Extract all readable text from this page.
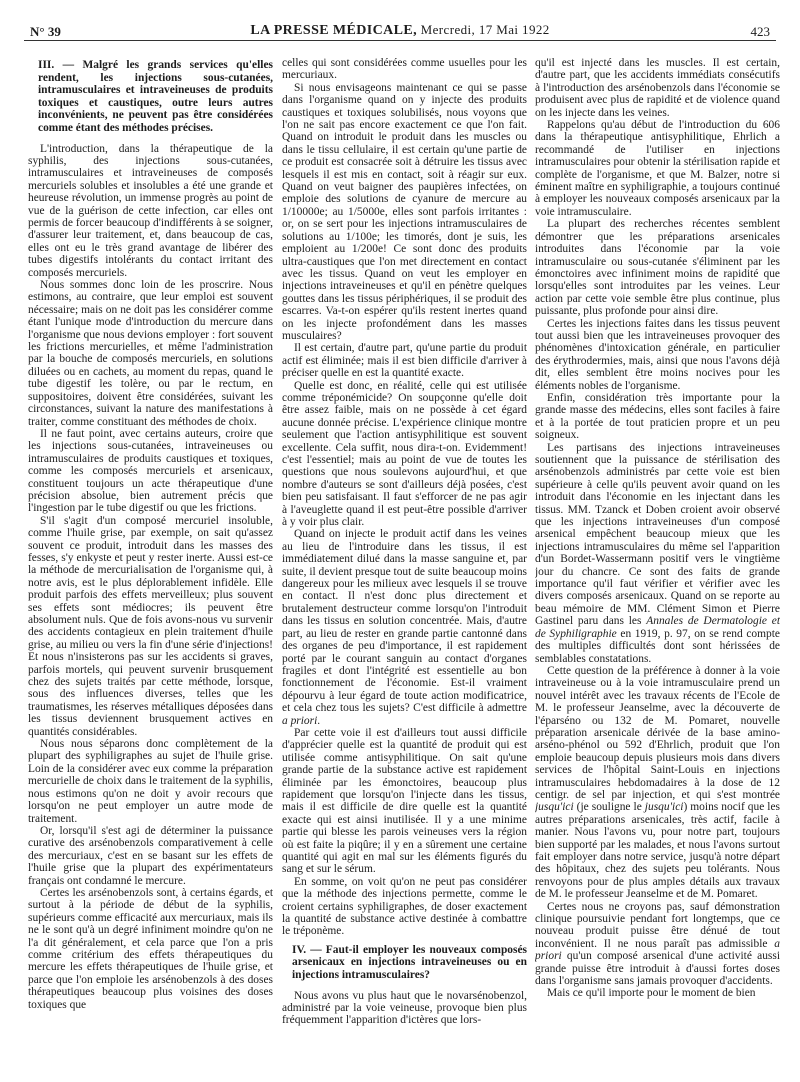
N° 39	LA PRESSE MÉDICALE, Mercredi, 17 Mai 1922	423

III. — Malgré les grands services qu'elles rendent, les injections sous-cutanées, intramusculaires et intraveineuses de produits toxiques et caustiques, outre leurs autres inconvénients, ne peuvent pas être considérées comme étant des méthodes précises.

L'introduction, dans la thérapeutique de la syphilis, des injections sous-cutanées, intramusculaires et intraveineuses de composés mercuriels solubles et insolubles a été une grande et heureuse révolution, un immense progrès au point de vue de la guérison de cette infection, car elles ont permis de forcer beaucoup d'indifférents à se soigner, d'assurer leur traitement, et, dans beaucoup de cas, elles ont eu le très grand avantage de libérer des tubes digestifs intolérants du contact irritant des composés mercuriels.

Nous sommes donc loin de les proscrire. Nous estimons, au contraire, que leur emploi est souvent nécessaire; mais on ne doit pas les considérer comme étant l'unique mode d'introduction du mercure dans l'organisme que nous devions employer : fort souvent les frictions mercurielles, et même l'administration par la bouche de composés mercuriels, en solutions diluées ou en cachets, au moment du repas, quand le tube digestif les tolère, ou par le rectum, en suppositoires, doivent être considérées, suivant les circonstances, suivant la nature des manifestations à traiter, comme constituant des méthodes de choix.

Il ne faut point, avec certains auteurs, croire que les injections sous-cutanées, intraveineuses ou intramusculaires de produits caustiques et toxiques, comme les composés mercuriels et arsenicaux, constituent toujours un acte thérapeutique d'une précision absolue, bien autrement précis que l'ingestion par le tube digestif ou que les frictions.

S'il s'agit d'un composé mercuriel insoluble, comme l'huile grise, par exemple, on sait qu'assez souvent ce produit, introduit dans les masses des fesses, s'y enkyste et peut y rester inerte. Aussi est-ce la méthode de mercurialisation de l'organisme qui, à notre avis, est le plus déplorablement infidèle. Elle produit parfois des effets merveilleux; plus souvent ses effets sont médiocres; ils peuvent être absolument nuls. Que de fois avons-nous vu survenir des accidents contagieux en plein traitement d'huile grise, au milieu ou vers la fin d'une série d'injections! Et nous n'insisterons pas sur les accidents si graves, parfois mortels, qui peuvent survenir brusquement chez des sujets traités par cette méthode, lorsque, sous des influences diverses, telles que les traumatismes, les réserves métalliques déposées dans les tissus deviennent brusquement actives en quantités considérables.

Nous nous séparons donc complètement de la plupart des syphiligraphes au sujet de l'huile grise. Loin de la considérer avec eux comme la préparation mercurielle de choix dans le traitement de la syphilis, nous estimons qu'on ne doit y avoir recours que lorsqu'on ne peut employer un autre mode de traitement.

Or, lorsqu'il s'est agi de déterminer la puissance curative des arsénobenzols comparativement à celle des mercuriaux, c'est en se basant sur les effets de l'huile grise que la plupart des expérimentateurs français ont condamné le mercure.

Certes les arsénobenzols sont, à certains égards, et surtout à la période de début de la syphilis, supérieurs comme efficacité aux mercuriaux, mais ils ne le sont qu'à un degré infiniment moindre qu'on ne l'a dit généralement, et cela parce que l'on a pris comme critérium des effets thérapeutiques du mercure les effets thérapeutiques de l'huile grise, et parce que l'on emploie les arsénobenzols à des doses thérapeutiques beaucoup plus voisines des doses toxiques que

celles qui sont considérées comme usuelles pour les mercuriaux.

Si nous envisageons maintenant ce qui se passe dans l'organisme quand on y injecte des produits caustiques et toxiques solubilisés, nous voyons que l'on ne sait pas encore exactement ce que l'on fait. Quand on introduit le produit dans les muscles ou dans le tissu cellulaire, il est certain qu'une partie de ce produit est consacrée soit à détruire les tissus avec lesquels il est mis en contact, soit à réagir sur eux. Quand on veut baigner des paupières infectées, on emploie des solutions de cyanure de mercure au 1/10000e; au 1/5000e, elles sont parfois irritantes : or, on se sert pour les injections intramusculaires de solutions au 1/100e; les timorés, dont je suis, les emploient au 1/200e! Ce sont donc des produits ultra-caustiques que l'on met directement en contact avec les tissus. Quand on veut les employer en injections intraveineuses et qu'il en pénètre quelques gouttes dans les tissus périphériques, il se produit des escarres. Va-t-on espérer qu'ils restent inertes quand on les injecte profondément dans les masses musculaires?

Il est certain, d'autre part, qu'une partie du produit actif est éliminée; mais il est bien difficile d'arriver à préciser quelle en est la quantité exacte.

Quelle est donc, en réalité, celle qui est utilisée comme tréponémicide? On soupçonne qu'elle doit être assez faible, mais on ne possède à cet égard aucune donnée précise. L'expérience clinique montre seulement que l'action antisyphilitique est souvent excellente. Cela suffit, nous dira-t-on. Evidemment! c'est l'essentiel; mais au point de vue de toutes les questions que nous soulevons aujourd'hui, et que nombre d'auteurs se sont d'ailleurs déjà posées, c'est bien peu satisfaisant. Il faut s'efforcer de ne pas agir à l'aveuglette quand il est peut-être possible d'arriver à y voir plus clair.

Quand on injecte le produit actif dans les veines au lieu de l'introduire dans les tissus, il est immédiatement dilué dans la masse sanguine et, par suite, il devient presque tout de suite beaucoup moins dangereux pour les milieux avec lesquels il se trouve en contact. Il n'est donc plus directement et brutalement destructeur comme lorsqu'on l'introduit dans les tissus en solution concentrée. Mais, d'autre part, au lieu de rester en grande partie cantonné dans des organes de peu d'importance, il est rapidement porté par le courant sanguin au contact d'organes fragiles et dont l'intégrité est essentielle au bon fonctionnement de l'économie. Est-il vraiment dépourvu à leur égard de toute action modificatrice, et cela chez tous les sujets? C'est difficile à admettre a priori.

Par cette voie il est d'ailleurs tout aussi difficile d'apprécier quelle est la quantité de produit qui est utilisée comme antisyphilitique. On sait qu'une grande partie de la substance active est rapidement éliminée par les émonctoires, beaucoup plus rapidement que lorsqu'on l'injecte dans les tissus, mais il est difficile de dire quelle est la quantité exacte qui est ainsi inutilisée. Il y a une minime partie qui blesse les parois veineuses vers la région où est faite la piqûre; il y en a sûrement une certaine quantité qui agit en mal sur les éléments figurés du sang et sur le sérum.

En somme, on voit qu'on ne peut pas considérer que la méthode des injections permette, comme le croient certains syphiligraphes, de doser exactement la quantité de substance active destinée à combattre le tréponème.

IV. — Faut-il employer les nouveaux composés arsenicaux en injections intraveineuses ou en injections intramusculaires?

Nous avons vu plus haut que le novarsénobenzol, administré par la voie veineuse, provoque bien plus fréquemment l'apparition d'ictères que lors-

qu'il est injecté dans les muscles. Il est certain, d'autre part, que les accidents immédiats consécutifs à l'introduction des arsénobenzols dans l'économie se produisent avec plus de rapidité et de violence quand on les injecte dans les veines.

Rappelons qu'au début de l'introduction du 606 dans la thérapeutique antisyphilitique, Ehrlich a recommandé de l'utiliser en injections intramusculaires pour obtenir la stérilisation rapide et complète de l'organisme, et que M. Balzer, notre si éminent maître en syphiligraphie, a toujours continué à employer les nouveaux composés arsenicaux par la voie intramusculaire.

La plupart des recherches récentes semblent démontrer que les préparations arsenicales introduites dans l'économie par la voie intramusculaire ou sous-cutanée s'éliminent par les émonctoires avec infiniment moins de rapidité que lorsqu'elles sont introduites par les veines. Leur action par cette voie semble être plus continue, plus puissante, plus profonde pour ainsi dire.

Certes les injections faites dans les tissus peuvent tout aussi bien que les intraveineuses provoquer des phénomènes d'intoxication générale, en particulier des érythrodermies, mais, ainsi que nous l'avons déjà dit, elles semblent être moins nocives pour les éléments nobles de l'organisme.

Enfin, considération très importante pour la grande masse des médecins, elles sont faciles à faire et à la portée de tout praticien propre et un peu soigneux.

Les partisans des injections intraveineuses soutiennent que la puissance de stérilisation des arsénobenzols administrés par cette voie est bien supérieure à celle qu'ils peuvent avoir quand on les introduit dans l'économie en les injectant dans les tissus. MM. Tzanck et Doben croient avoir observé que les injections intraveineuses d'un composé arsenical empêchent beaucoup mieux que les injections intramusculaires du même sel l'apparition d'un Bordet-Wassermann positif vers le vingtième jour du chancre. Ce sont des faits de grande importance qu'il faut vérifier et vérifier avec les divers composés arsenicaux. Quand on se reporte au beau mémoire de MM. Clément Simon et Pierre Gastinel paru dans les Annales de Dermatologie et de Syphiligraphie en 1919, p. 97, on se rend compte des multiples difficultés dont sont hérissées de semblables constatations.

Cette question de la préférence à donner à la voie intraveineuse ou à la voie intramusculaire prend un nouvel intérêt avec les travaux récents de l'Ecole de M. le professeur Jeanselme, avec la découverte de l'éparséno ou 132 de M. Pomaret, nouvelle préparation arsenicale dérivée de la base amino-arséno-phénol ou 592 d'Ehrlich, produit que l'on emploie beaucoup depuis plusieurs mois dans divers services de l'hôpital Saint-Louis en injections intramusculaires hebdomadaires à la dose de 12 centigr. de sel par injection, et qui s'est montrée jusqu'ici (je souligne le jusqu'ici) moins nocif que les autres préparations arsenicales, très actif, facile à manier. Nous l'avons vu, pour notre part, toujours bien supporté par les malades, et nous l'avons surtout fait employer dans notre service, jusqu'à notre départ des hôpitaux, chez des sujets peu tolérants. Nous renvoyons pour de plus amples détails aux travaux de M. le professeur Jeanselme et de M. Pomaret.

Certes nous ne croyons pas, sauf démonstration clinique poursuivie pendant fort longtemps, que ce nouveau produit puisse être dénué de tout inconvénient. Il ne nous paraît pas admissible a priori qu'un composé arsenical d'une activité aussi grande puisse être introduit à d'aussi fortes doses dans l'organisme sans jamais provoquer d'accidents.

Mais ce qu'il importe pour le moment de bien
